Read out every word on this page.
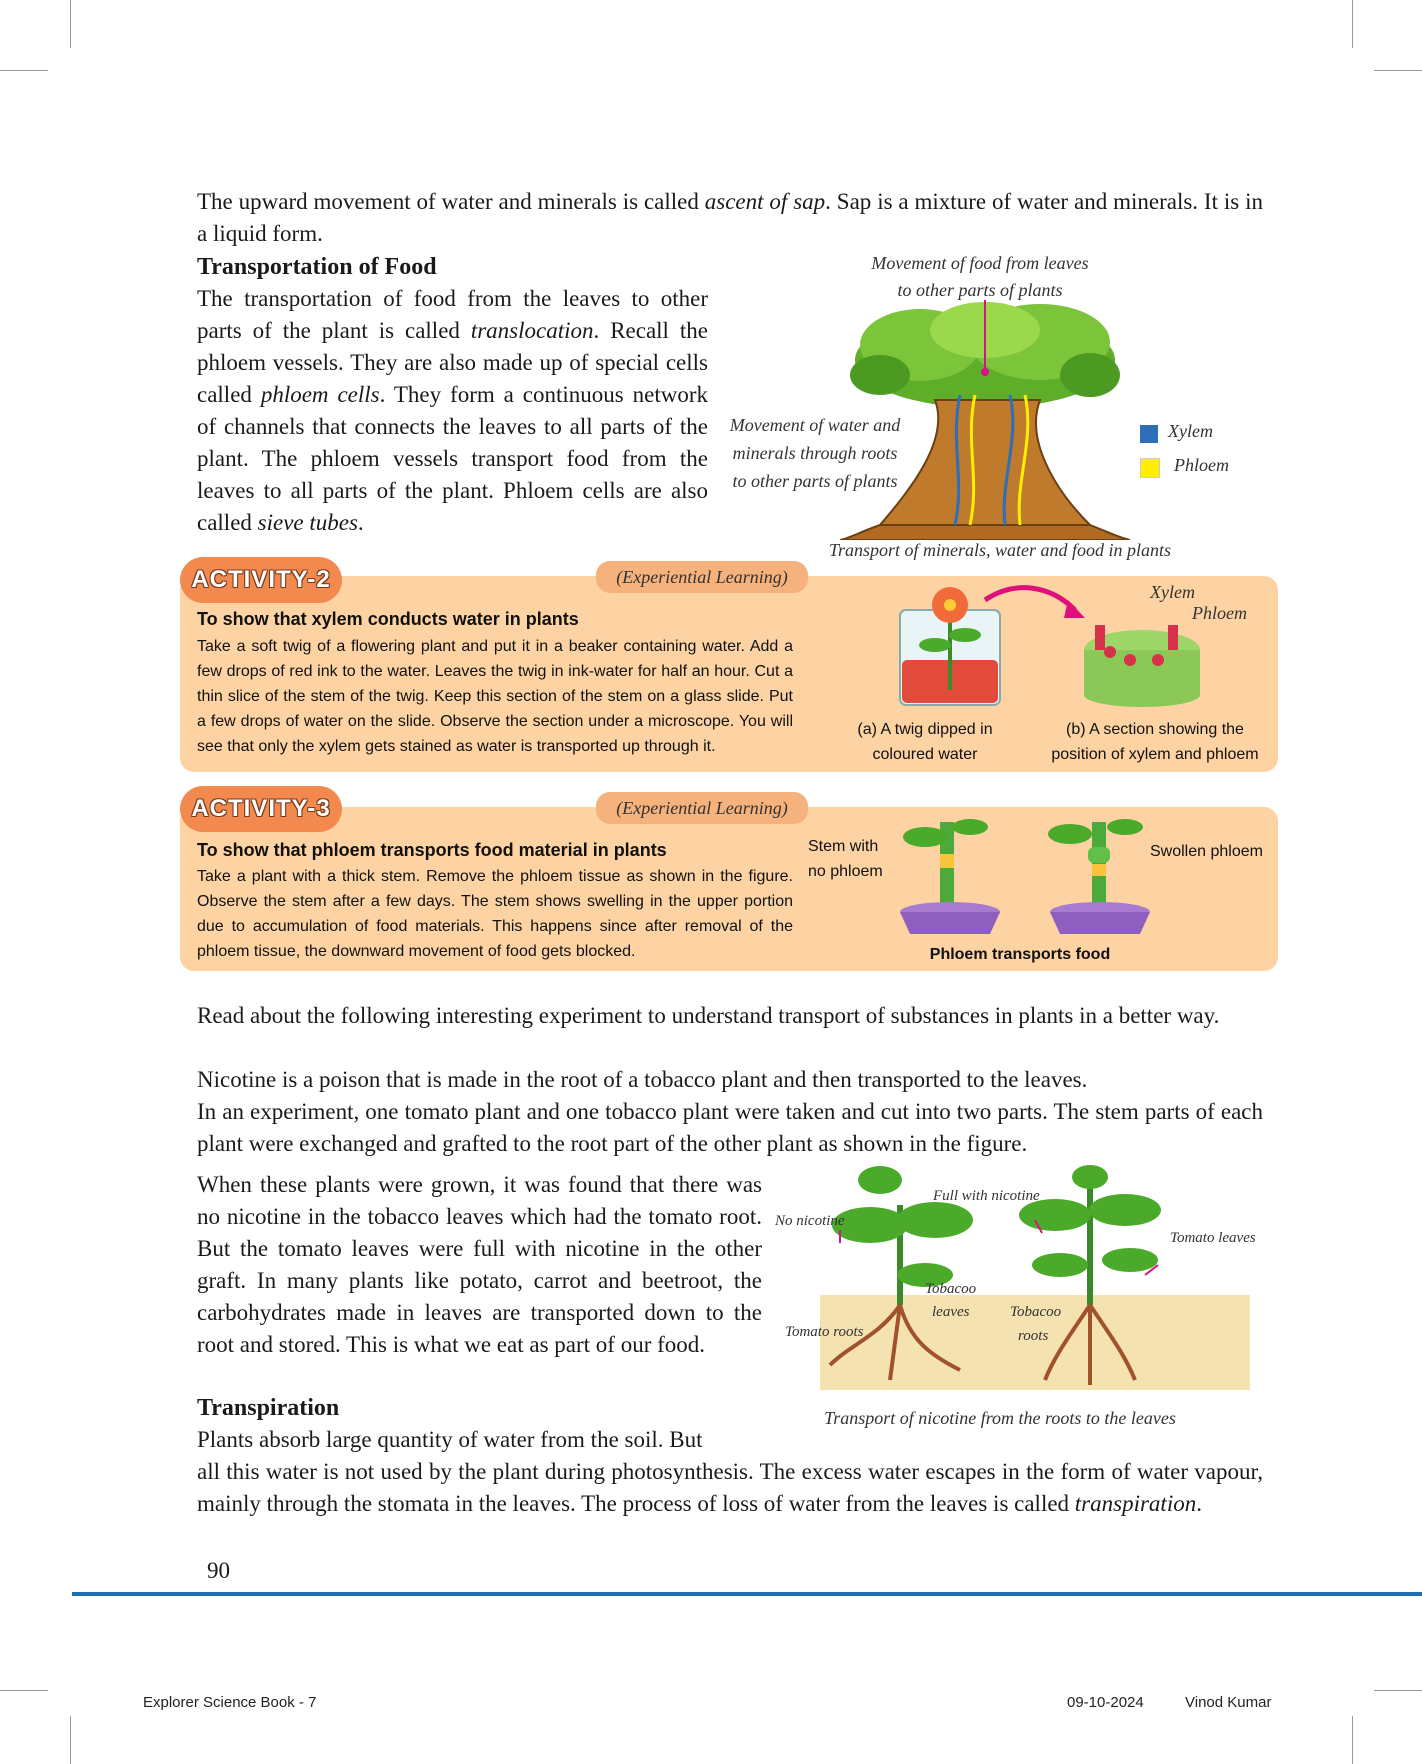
The upward movement of water and minerals is called ascent of sap. Sap is a mixture of water and minerals. It is in a liquid form.

Transportation of Food

The transportation of food from the leaves to other parts of the plant is called translocation. Recall the phloem vessels. They are also made up of special cells called phloem cells. They form a continuous network of channels that connects the leaves to all parts of the plant. The phloem vessels transport food from the leaves to all parts of the plant. Phloem cells are also called sieve tubes.

Movement of food from leaves
to other parts of plants
Movement of water and
minerals through roots
to other parts of plants
Xylem
Phloem
Transport of minerals, water and food in plants
ACTIVITY-2	(Experiential Learning)
To show that xylem conducts water in plants
Take a soft twig of a flowering plant and put it in a beaker containing water. Add a few drops of red ink to the water. Leaves the twig in ink-water for half an hour. Cut a thin slice of the stem of the twig. Keep this section of the stem on a glass slide. Put a few drops of water on the slide. Observe the section under a microscope. You will see that only the xylem gets stained as water is transported up through it.
Xylem
Phloem
(a) A twig dipped in
coloured water
(b) A section showing the
position of xylem and phloem
ACTIVITY-3	(Experiential Learning)
To show that phloem transports food material in plants
Take a plant with a thick stem. Remove the phloem tissue as shown in the figure. Observe the stem after a few days. The stem shows swelling in the upper portion due to accumulation of food materials. This happens since after removal of the phloem tissue, the downward movement of food gets blocked.
Stem with
no phloem
Swollen phloem
Phloem transports food

Read about the following interesting experiment to understand transport of substances in plants in a better way.

Nicotine is a poison that is made in the root of a tobacco plant and then transported to the leaves.

In an experiment, one tomato plant and one tobacco plant were taken and cut into two parts. The stem parts of each plant were exchanged and grafted to the root part of the other plant as shown in the figure.

When these plants were grown, it was found that there was no nicotine in the tobacco leaves which had the tomato root. But the tomato leaves were full with nicotine in the other graft. In many plants like potato, carrot and beetroot, the carbohydrates made in leaves are transported down to the root and stored. This is what we eat as part of our food.

No nicotine
Full with nicotine
Tomato leaves
Tobacoo
leaves	Tobacoo
roots
Tomato roots
Transport of nicotine from the roots to the leaves
Transpiration

Plants absorb large quantity of water from the soil. But

all this water is not used by the plant during photosynthesis. The excess water escapes in the form of water vapour, mainly through the stomata in the leaves. The process of loss of water from the leaves is called transpiration.

90
Explorer Science Book - 7	09-10-2024	Vinod Kumar
